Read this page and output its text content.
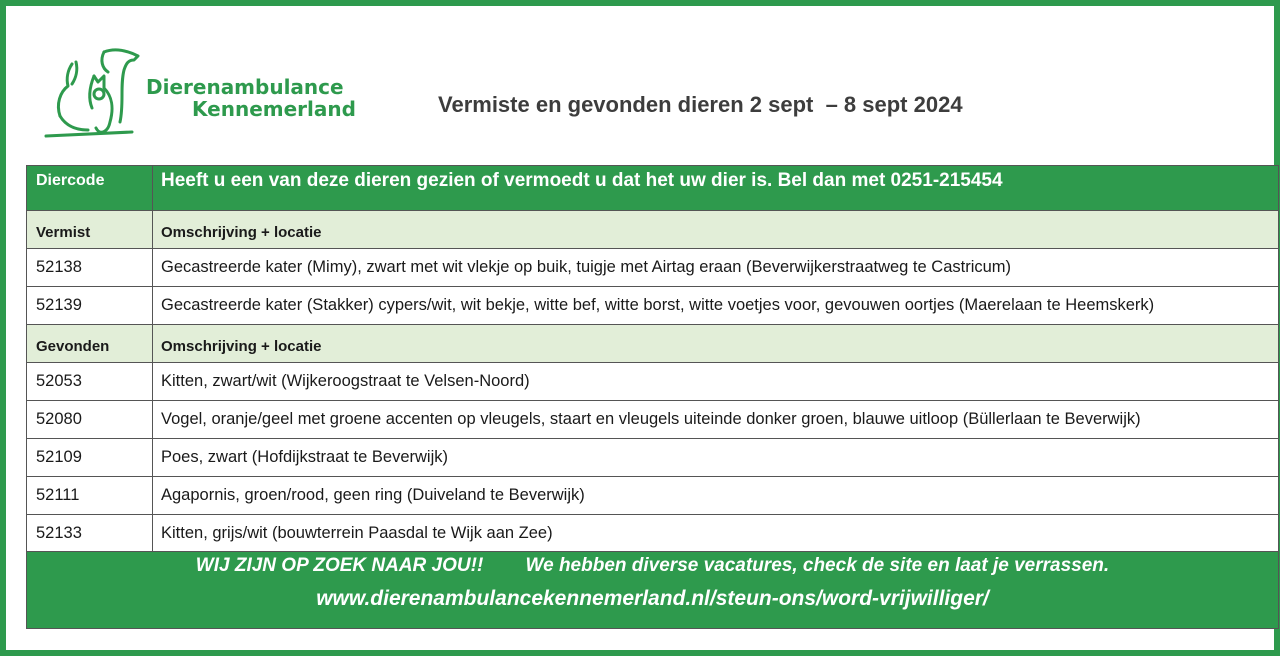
Dierenambulance
Kennemerland	Vermiste en gevonden dieren 2 sept  – 8 sept 2024
Diercode	Heeft u een van deze dieren gezien of vermoedt u dat het uw dier is. Bel dan met 0251-215454
Vermist	Omschrijving + locatie
52138	Gecastreerde kater (Mimy), zwart met wit vlekje op buik, tuigje met Airtag eraan (Beverwijkerstraatweg te Castricum)
52139	Gecastreerde kater (Stakker) cypers/wit, wit bekje, witte bef, witte borst, witte voetjes voor, gevouwen oortjes (Maerelaan te Heemskerk)
Gevonden	Omschrijving + locatie
52053	Kitten, zwart/wit (Wijkeroogstraat te Velsen-Noord)
52080	Vogel, oranje/geel met groene accenten op vleugels, staart en vleugels uiteinde donker groen, blauwe uitloop (Büllerlaan te Beverwijk)
52109	Poes, zwart (Hofdijkstraat te Beverwijk)
52111	Agapornis, groen/rood, geen ring (Duiveland te Beverwijk)
52133	Kitten, grijs/wit (bouwterrein Paasdal te Wijk aan Zee)
WIJ ZIJN OP ZOEK NAAR JOU!!        We hebben diverse vacatures, check de site en laat je verrassen.
www.dierenambulancekennemerland.nl/steun-ons/word-vrijwilliger/
